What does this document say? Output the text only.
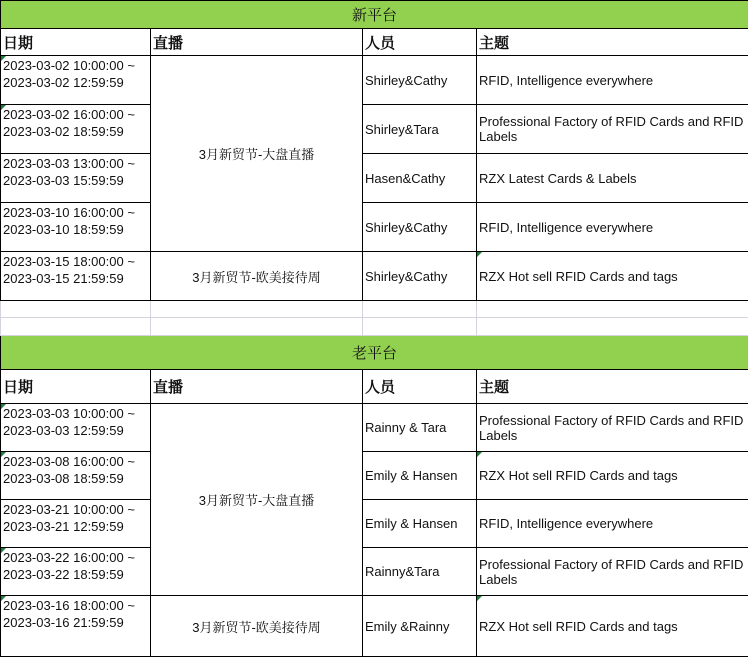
新平台			
日期	直播	人员	主题

2023-03-02 10:00:00 ~
2023-03-02 12:59:59	3月新贸节-大盘直播	Shirley&Cathy	RFID, Intelligence everywhere

2023-03-02 16:00:00 ~
2023-03-02 18:59:59		Shirley&Tara	Professional Factory of RFID Cards and RFID Labels

2023-03-03 13:00:00 ~
2023-03-03 15:59:59		Hasen&Cathy	RZX Latest Cards & Labels

2023-03-10 16:00:00 ~
2023-03-10 18:59:59		Shirley&Cathy	RFID, Intelligence everywhere

2023-03-15 18:00:00 ~
2023-03-15 21:59:59	3月新贸节-欧美接待周	Shirley&Cathy	RZX Hot sell RFID Cards and tags

老平台			
日期	直播	人员	主题

2023-03-03 10:00:00 ~
2023-03-03 12:59:59	3月新贸节-大盘直播	Rainny & Tara	Professional Factory of RFID Cards and RFID Labels

2023-03-08 16:00:00 ~
2023-03-08 18:59:59		Emily & Hansen	RZX Hot sell RFID Cards and tags

2023-03-21 10:00:00 ~
2023-03-21 12:59:59		Emily & Hansen	RFID, Intelligence everywhere

2023-03-22 16:00:00 ~
2023-03-22 18:59:59		Rainny&Tara	Professional Factory of RFID Cards and RFID Labels

2023-03-16 18:00:00 ~
2023-03-16 21:59:59	3月新贸节-欧美接待周	Emily &Rainny	RZX Hot sell RFID Cards and tags
